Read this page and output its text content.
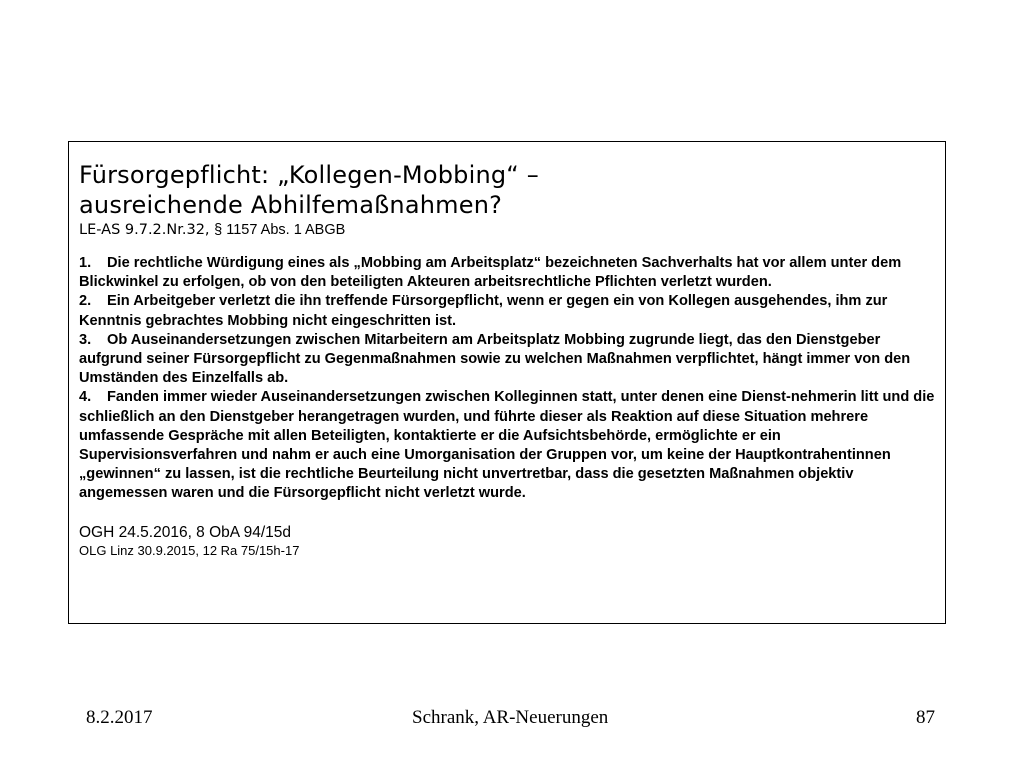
Fürsorgepflicht: „Kollegen-Mobbing“ –
ausreichende Abhilfemaßnahmen?

LE-AS 9.7.2.Nr.32, § 1157 Abs. 1 ABGB

1. Die rechtliche Würdigung eines als „Mobbing am Arbeitsplatz“ bezeichneten Sachverhalts hat vor allem unter dem Blickwinkel zu erfolgen, ob von den beteiligten Akteuren arbeitsrechtliche Pflichten verletzt wurden.

2. Ein Arbeitgeber verletzt die ihn treffende Fürsorgepflicht, wenn er gegen ein von Kollegen ausgehendes, ihm zur Kenntnis gebrachtes Mobbing nicht eingeschritten ist.

3. Ob Auseinandersetzungen zwischen Mitarbeitern am Arbeitsplatz Mobbing zugrunde liegt, das den Dienstgeber aufgrund seiner Fürsorgepflicht zu Gegenmaßnahmen sowie zu welchen Maßnahmen verpflichtet, hängt immer von den Umständen des Einzelfalls ab.

4. Fanden immer wieder Auseinandersetzungen zwischen Kolleginnen statt, unter denen eine Dienst-nehmerin litt und die schließlich an den Dienstgeber herangetragen wurden, und führte dieser als Reaktion auf diese Situation mehrere umfassende Gespräche mit allen Beteiligten, kontaktierte er die Aufsichtsbehörde, ermöglichte er ein Supervisionsverfahren und nahm er auch eine Umorganisation der Gruppen vor, um keine der Hauptkontrahentinnen „gewinnen“ zu lassen, ist die rechtliche Beurteilung nicht unvertretbar, dass die gesetzten Maßnahmen objektiv angemessen waren und die Fürsorgepflicht nicht verletzt wurde.

OGH 24.5.2016, 8 ObA 94/15d
OLG Linz 30.9.2015, 12 Ra 75/15h-17
8.2.2017	Schrank, AR-Neuerungen	87
